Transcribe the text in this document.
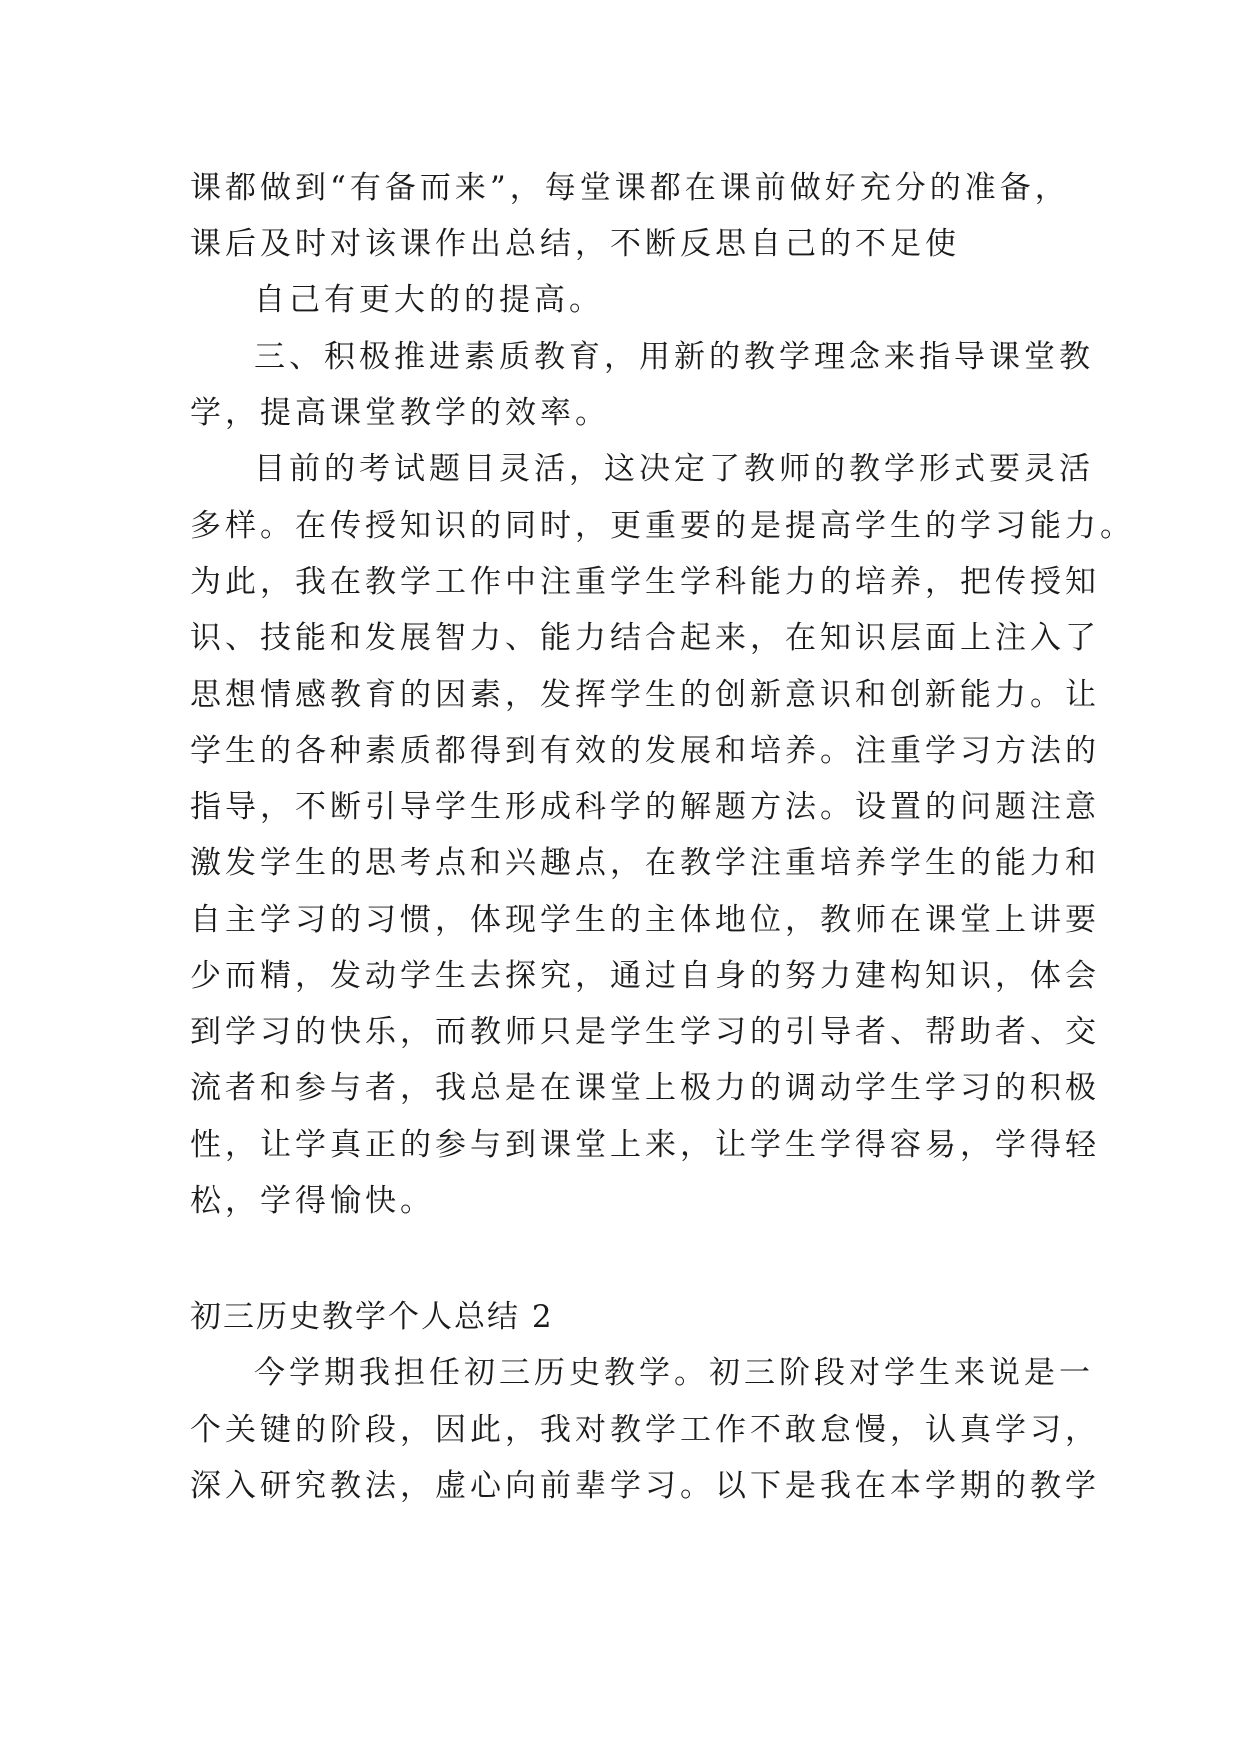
课都做到“有备而来”，每堂课都在课前做好充分的准备，
课后及时对该课作出总结，不断反思自己的不足使
自己有更大的的提高。
三、积极推进素质教育，用新的教学理念来指导课堂教
学，提高课堂教学的效率。
目前的考试题目灵活，这决定了教师的教学形式要灵活
多样。在传授知识的同时，更重要的是提高学生的学习能力。
为此，我在教学工作中注重学生学科能力的培养，把传授知
识、技能和发展智力、能力结合起来，在知识层面上注入了
思想情感教育的因素，发挥学生的创新意识和创新能力。让
学生的各种素质都得到有效的发展和培养。注重学习方法的
指导，不断引导学生形成科学的解题方法。设置的问题注意
激发学生的思考点和兴趣点，在教学注重培养学生的能力和
自主学习的习惯，体现学生的主体地位，教师在课堂上讲要
少而精，发动学生去探究，通过自身的努力建构知识，体会
到学习的快乐，而教师只是学生学习的引导者、帮助者、交
流者和参与者，我总是在课堂上极力的调动学生学习的积极
性，让学真正的参与到课堂上来，让学生学得容易，学得轻
松，学得愉快。
初三历史教学个人总结 2
今学期我担任初三历史教学。初三阶段对学生来说是一
个关键的阶段，因此，我对教学工作不敢怠慢，认真学习，
深入研究教法，虚心向前辈学习。以下是我在本学期的教学
